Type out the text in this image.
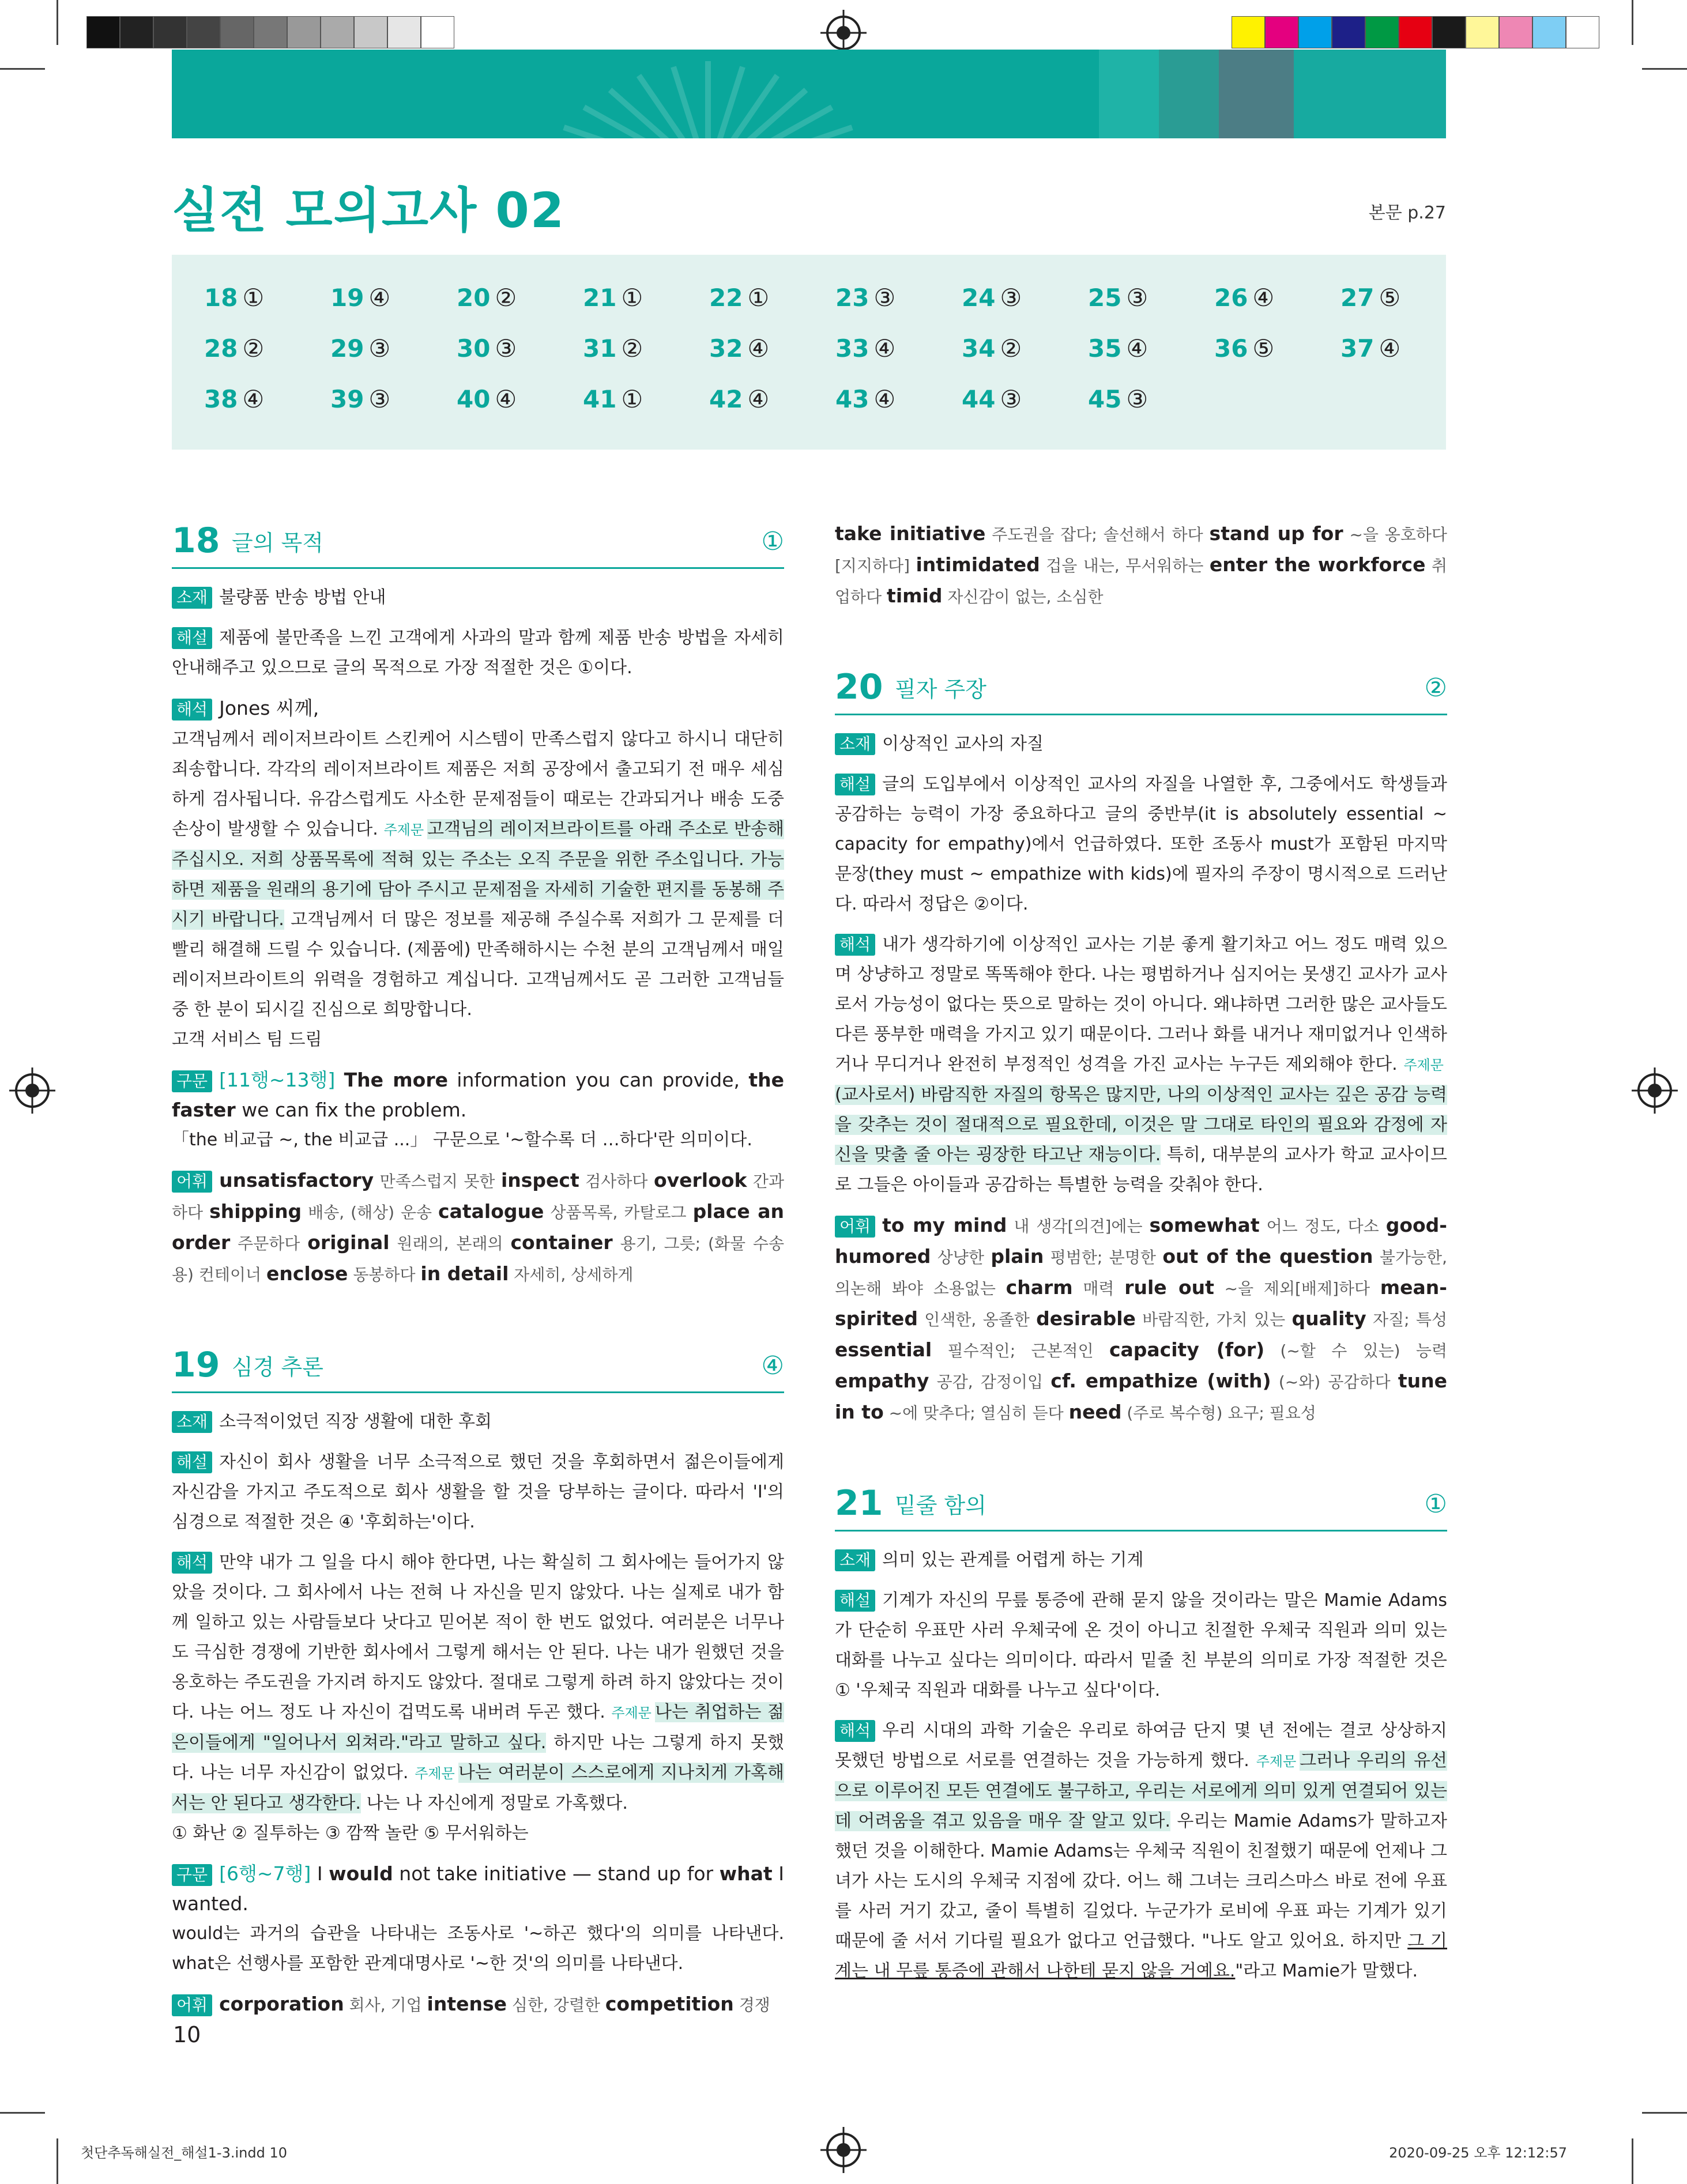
실전 모의고사 02	본문 p.27
18 ①	19 ④	20 ②	21 ①	22 ①	23 ③	24 ③	25 ③	26 ④	27 ⑤
28 ②	29 ③	30 ③	31 ②	32 ④	33 ④	34 ②	35 ④	36 ⑤	37 ④
38 ④	39 ③	40 ④	41 ①	42 ④	43 ④	44 ③	45 ③
18 글의 목적	①

소재 불량품 반송 방법 안내

해설 제품에 불만족을 느낀 고객에게 사과의 말과 함께 제품 반송 방법을 자세히 안내해주고 있으므로 글의 목적으로 가장 적절한 것은 ①이다.

해석 Jones 씨께,

고객님께서 레이저브라이트 스킨케어 시스템이 만족스럽지 않다고 하시니 대단히 죄송합니다. 각각의 레이저브라이트 제품은 저희 공장에서 출고되기 전 매우 세심하게 검사됩니다. 유감스럽게도 사소한 문제점들이 때로는 간과되거나 배송 도중 손상이 발생할 수 있습니다. 주제문 고객님의 레이저브라이트를 아래 주소로 반송해 주십시오. 저희 상품목록에 적혀 있는 주소는 오직 주문을 위한 주소입니다. 가능하면 제품을 원래의 용기에 담아 주시고 문제점을 자세히 기술한 편지를 동봉해 주시기 바랍니다. 고객님께서 더 많은 정보를 제공해 주실수록 저희가 그 문제를 더 빨리 해결해 드릴 수 있습니다. (제품에) 만족해하시는 수천 분의 고객님께서 매일 레이저브라이트의 위력을 경험하고 계십니다. 고객님께서도 곧 그러한 고객님들 중 한 분이 되시길 진심으로 희망합니다.

고객 서비스 팀 드림

구문 [11행~13행] The more information you can provide, the faster we can fix the problem.

「the 비교급 ~, the 비교급 ...」 구문으로 '~할수록 더 …하다'란 의미이다.

어휘 unsatisfactory 만족스럽지 못한 inspect 검사하다 overlook 간과하다 shipping 배송, (해상) 운송 catalogue 상품목록, 카탈로그 place an order 주문하다 original 원래의, 본래의 container 용기, 그릇; (화물 수송용) 컨테이너 enclose 동봉하다 in detail 자세히, 상세하게

19 심경 추론	④

소재 소극적이었던 직장 생활에 대한 후회

해설 자신이 회사 생활을 너무 소극적으로 했던 것을 후회하면서 젊은이들에게 자신감을 가지고 주도적으로 회사 생활을 할 것을 당부하는 글이다. 따라서 'I'의 심경으로 적절한 것은 ④ '후회하는'이다.

해석 만약 내가 그 일을 다시 해야 한다면, 나는 확실히 그 회사에는 들어가지 않았을 것이다. 그 회사에서 나는 전혀 나 자신을 믿지 않았다. 나는 실제로 내가 함께 일하고 있는 사람들보다 낫다고 믿어본 적이 한 번도 없었다. 여러분은 너무나도 극심한 경쟁에 기반한 회사에서 그렇게 해서는 안 된다. 나는 내가 원했던 것을 옹호하는 주도권을 가지려 하지도 않았다. 절대로 그렇게 하려 하지 않았다는 것이다. 나는 어느 정도 나 자신이 겁먹도록 내버려 두곤 했다. 주제문 나는 취업하는 젊은이들에게 "일어나서 외쳐라."라고 말하고 싶다. 하지만 나는 그렇게 하지 못했다. 나는 너무 자신감이 없었다. 주제문 나는 여러분이 스스로에게 지나치게 가혹해서는 안 된다고 생각한다. 나는 나 자신에게 정말로 가혹했다.

① 화난 ② 질투하는 ③ 깜짝 놀란 ⑤ 무서워하는

구문 [6행~7행] I would not take initiative — stand up for what I wanted.

would는 과거의 습관을 나타내는 조동사로 '~하곤 했다'의 의미를 나타낸다. what은 선행사를 포함한 관계대명사로 '~한 것'의 의미를 나타낸다.

어휘 corporation 회사, 기업 intense 심한, 강렬한 competition 경쟁

take initiative 주도권을 잡다; 솔선해서 하다 stand up for ~을 옹호하다[지지하다] intimidated 겁을 내는, 무서워하는 enter the workforce 취업하다 timid 자신감이 없는, 소심한

20 필자 주장	②

소재 이상적인 교사의 자질

해설 글의 도입부에서 이상적인 교사의 자질을 나열한 후, 그중에서도 학생들과 공감하는 능력이 가장 중요하다고 글의 중반부(it is absolutely essential ~ capacity for empathy)에서 언급하였다. 또한 조동사 must가 포함된 마지막 문장(they must ~ empathize with kids)에 필자의 주장이 명시적으로 드러난다. 따라서 정답은 ②이다.

해석 내가 생각하기에 이상적인 교사는 기분 좋게 활기차고 어느 정도 매력 있으며 상냥하고 정말로 똑똑해야 한다. 나는 평범하거나 심지어는 못생긴 교사가 교사로서 가능성이 없다는 뜻으로 말하는 것이 아니다. 왜냐하면 그러한 많은 교사들도 다른 풍부한 매력을 가지고 있기 때문이다. 그러나 화를 내거나 재미없거나 인색하거나 무디거나 완전히 부정적인 성격을 가진 교사는 누구든 제외해야 한다. 주제문(교사로서) 바람직한 자질의 항목은 많지만, 나의 이상적인 교사는 깊은 공감 능력을 갖추는 것이 절대적으로 필요한데, 이것은 말 그대로 타인의 필요와 감정에 자신을 맞출 줄 아는 굉장한 타고난 재능이다. 특히, 대부분의 교사가 학교 교사이므로 그들은 아이들과 공감하는 특별한 능력을 갖춰야 한다.

어휘 to my mind 내 생각[의견]에는 somewhat 어느 정도, 다소 good-humored 상냥한 plain 평범한; 분명한 out of the question 불가능한, 의논해 봐야 소용없는 charm 매력 rule out ~을 제외[배제]하다 mean-spirited 인색한, 옹졸한 desirable 바람직한, 가치 있는 quality 자질; 특성 essential 필수적인; 근본적인 capacity (for) (~할 수 있는) 능력 empathy 공감, 감정이입 cf. empathize (with) (~와) 공감하다 tune in to ~에 맞추다; 열심히 듣다 need (주로 복수형) 요구; 필요성

21 밑줄 함의	①

소재 의미 있는 관계를 어렵게 하는 기계

해설 기계가 자신의 무릎 통증에 관해 묻지 않을 것이라는 말은 Mamie Adams가 단순히 우표만 사러 우체국에 온 것이 아니고 친절한 우체국 직원과 의미 있는 대화를 나누고 싶다는 의미이다. 따라서 밑줄 친 부분의 의미로 가장 적절한 것은 ① '우체국 직원과 대화를 나누고 싶다'이다.

해석 우리 시대의 과학 기술은 우리로 하여금 단지 몇 년 전에는 결코 상상하지 못했던 방법으로 서로를 연결하는 것을 가능하게 했다. 주제문 그러나 우리의 유선으로 이루어진 모든 연결에도 불구하고, 우리는 서로에게 의미 있게 연결되어 있는 데 어려움을 겪고 있음을 매우 잘 알고 있다. 우리는 Mamie Adams가 말하고자 했던 것을 이해한다. Mamie Adams는 우체국 직원이 친절했기 때문에 언제나 그녀가 사는 도시의 우체국 지점에 갔다. 어느 해 그녀는 크리스마스 바로 전에 우표를 사러 거기 갔고, 줄이 특별히 길었다. 누군가가 로비에 우표 파는 기계가 있기 때문에 줄 서서 기다릴 필요가 없다고 언급했다. "나도 알고 있어요. 하지만 그 기계는 내 무릎 통증에 관해서 나한테 묻지 않을 거예요."라고 Mamie가 말했다.

10
첫단추독해실전_해설1-3.indd 10	2020-09-25 오후 12:12:57
